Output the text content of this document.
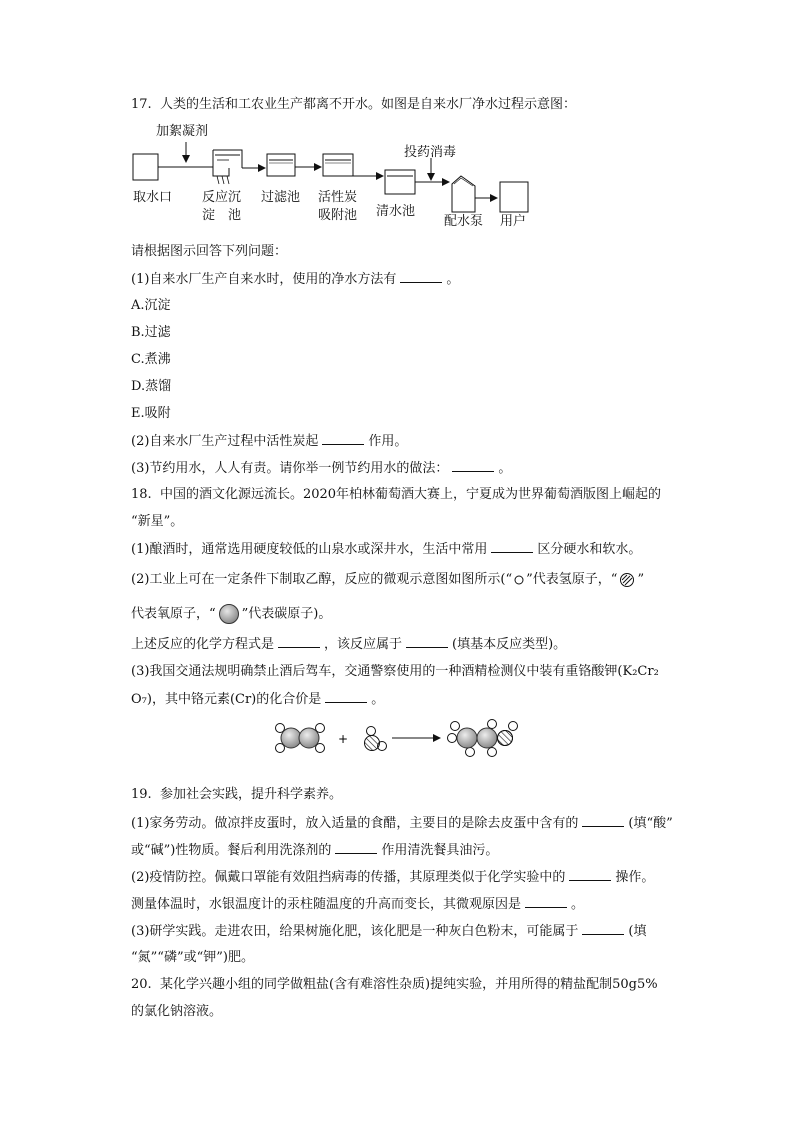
17. 人类的生活和工农业生产都离不开水。如图是自来水厂净水过程示意图：
加絮凝剂
投药消毒
取水口 反应沉
淀　池
过滤池 活性炭
吸附池 清水池
配水泵 用户
请根据图示回答下列问题：
(1)自来水厂生产自来水时，使用的净水方法有	。
A.沉淀
B.过滤
C.煮沸
D.蒸馏
E.吸附
(2)自来水厂生产过程中活性炭起	作用。
(3)节约用水，人人有责。请你举一例节约用水的做法：	。
18. 中国的酒文化源远流长。2020年柏林葡萄酒大赛上，宁夏成为世界葡萄酒版图上崛起的
“新星”。
(1)酿酒时，通常选用硬度较低的山泉水或深井水，生活中常用	区分硬水和软水。
(2)工业上可在一定条件下制取乙醇，反应的微观示意图如图所示(“ ”代表氢原子，“ ”
代表氧原子，“ ”代表碳原子)。
上述反应的化学方程式是	，该反应属于	(填基本反应类型)。
(3)我国交通法规明确禁止酒后驾车，交通警察使用的一种酒精检测仪中装有重铬酸钾(K₂Cr₂
O₇)，其中铬元素(Cr)的化合价是	。
+
19. 参加社会实践，提升科学素养。
(1)家务劳动。做凉拌皮蛋时，放入适量的食醋，主要目的是除去皮蛋中含有的	(填“酸”
或“碱”)性物质。餐后利用洗涤剂的	作用清洗餐具油污。
(2)疫情防控。佩戴口罩能有效阻挡病毒的传播，其原理类似于化学实验中的	操作。
测量体温时，水银温度计的汞柱随温度的升高而变长，其微观原因是	。
(3)研学实践。走进农田，给果树施化肥，该化肥是一种灰白色粉末，可能属于	(填
“氮”“磷”或“钾”)肥。
20. 某化学兴趣小组的同学做粗盐(含有难溶性杂质)提纯实验，并用所得的精盐配制50g5%
的氯化钠溶液。
